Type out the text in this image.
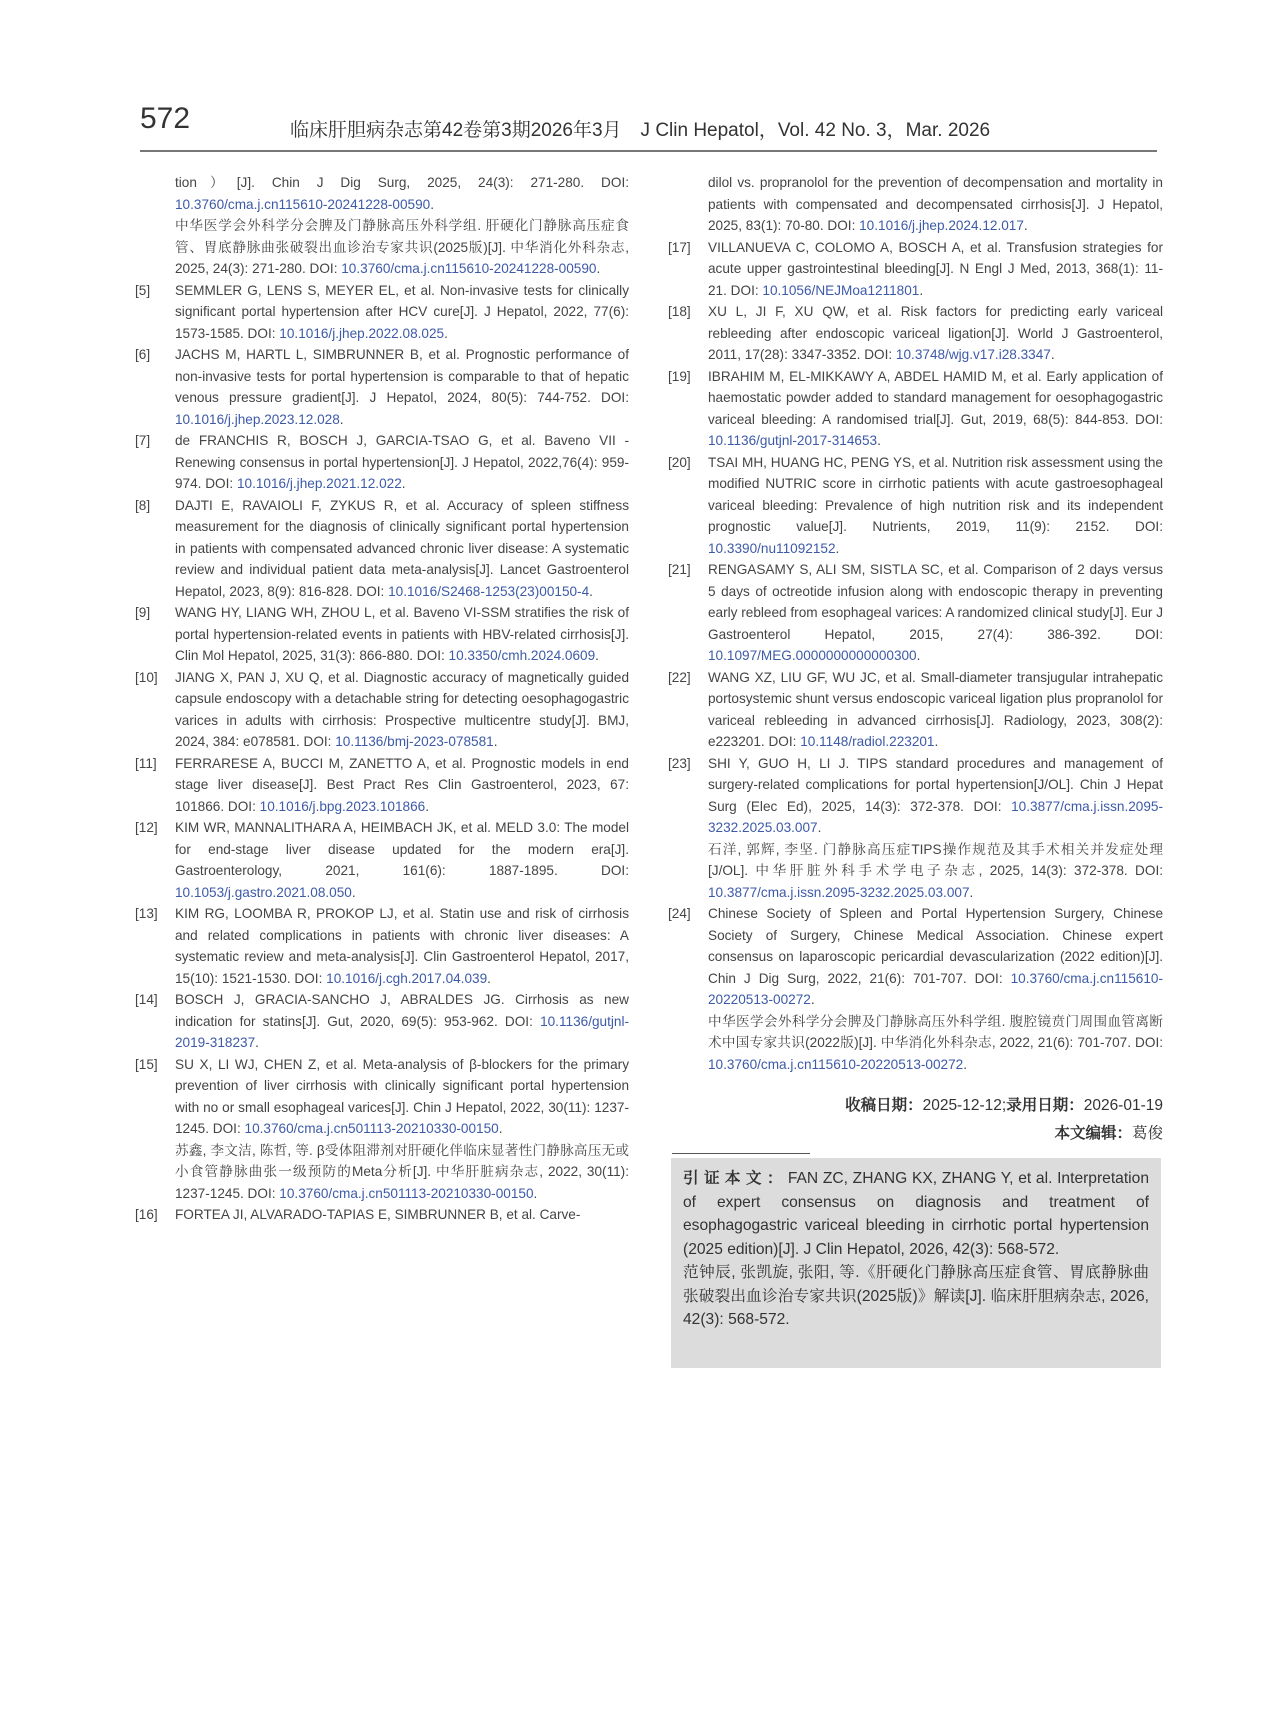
572	临床肝胆病杂志第42卷第3期2026年3月　J Clin Hepatol，Vol. 42 No. 3，Mar. 2026
tion）[J]. Chin J Dig Surg, 2025, 24(3): 271-280. DOI: 10.3760/cma.j.cn115610-20241228-00590.
中华医学会外科学分会脾及门静脉高压外科学组. 肝硬化门静脉高压症食管、胃底静脉曲张破裂出血诊治专家共识(2025版)[J]. 中华消化外科杂志, 2025, 24(3): 271-280. DOI: 10.3760/cma.j.cn115610-20241228-00590.
[5]	SEMMLER G, LENS S, MEYER EL, et al. Non-invasive tests for clinically significant portal hypertension after HCV cure[J]. J Hepatol, 2022, 77(6): 1573-1585. DOI: 10.1016/j.jhep.2022.08.025.
[6]	JACHS M, HARTL L, SIMBRUNNER B, et al. Prognostic performance of non-invasive tests for portal hypertension is comparable to that of hepatic venous pressure gradient[J]. J Hepatol, 2024, 80(5): 744-752. DOI: 10.1016/j.jhep.2023.12.028.
[7]	de FRANCHIS R, BOSCH J, GARCIA-TSAO G, et al. Baveno VII - Renewing consensus in portal hypertension[J]. J Hepatol, 2022,76(4): 959-974. DOI: 10.1016/j.jhep.2021.12.022.
[8]	DAJTI E, RAVAIOLI F, ZYKUS R, et al. Accuracy of spleen stiffness measurement for the diagnosis of clinically significant portal hypertension in patients with compensated advanced chronic liver disease: A systematic review and individual patient data meta-analysis[J]. Lancet Gastroenterol Hepatol, 2023, 8(9): 816-828. DOI: 10.1016/S2468-1253(23)00150-4.
[9]	WANG HY, LIANG WH, ZHOU L, et al. Baveno VI-SSM stratifies the risk of portal hypertension-related events in patients with HBV-related cirrhosis[J]. Clin Mol Hepatol, 2025, 31(3): 866-880. DOI: 10.3350/cmh.2024.0609.
[10]	JIANG X, PAN J, XU Q, et al. Diagnostic accuracy of magnetically guided capsule endoscopy with a detachable string for detecting oesophagogastric varices in adults with cirrhosis: Prospective multicentre study[J]. BMJ, 2024, 384: e078581. DOI: 10.1136/bmj-2023-078581.
[11]	FERRARESE A, BUCCI M, ZANETTO A, et al. Prognostic models in end stage liver disease[J]. Best Pract Res Clin Gastroenterol, 2023, 67: 101866. DOI: 10.1016/j.bpg.2023.101866.
[12]	KIM WR, MANNALITHARA A, HEIMBACH JK, et al. MELD 3.0: The model for end-stage liver disease updated for the modern era[J]. Gastroenterology, 2021, 161(6): 1887-1895. DOI: 10.1053/j.gastro.2021.08.050.
[13]	KIM RG, LOOMBA R, PROKOP LJ, et al. Statin use and risk of cirrhosis and related complications in patients with chronic liver diseases: A systematic review and meta-analysis[J]. Clin Gastroenterol Hepatol, 2017, 15(10): 1521-1530. DOI: 10.1016/j.cgh.2017.04.039.
[14]	BOSCH J, GRACIA-SANCHO J, ABRALDES JG. Cirrhosis as new indication for statins[J]. Gut, 2020, 69(5): 953-962. DOI: 10.1136/gutjnl-2019-318237.
[15]	SU X, LI WJ, CHEN Z, et al. Meta-analysis of β-blockers for the primary prevention of liver cirrhosis with clinically significant portal hypertension with no or small esophageal varices[J]. Chin J Hepatol, 2022, 30(11): 1237-1245. DOI: 10.3760/cma.j.cn501113-20210330-00150.
苏鑫, 李文洁, 陈哲, 等. β受体阻滞剂对肝硬化伴临床显著性门静脉高压无或小食管静脉曲张一级预防的Meta分析[J]. 中华肝脏病杂志, 2022, 30(11): 1237-1245. DOI: 10.3760/cma.j.cn501113-20210330-00150.
[16]	FORTEA JI, ALVARADO-TAPIAS E, SIMBRUNNER B, et al. Carve-
dilol vs. propranolol for the prevention of decompensation and mortality in patients with compensated and decompensated cirrhosis[J]. J Hepatol, 2025, 83(1): 70-80. DOI: 10.1016/j.jhep.2024.12.017.
[17]	VILLANUEVA C, COLOMO A, BOSCH A, et al. Transfusion strategies for acute upper gastrointestinal bleeding[J]. N Engl J Med, 2013, 368(1): 11-21. DOI: 10.1056/NEJMoa1211801.
[18]	XU L, JI F, XU QW, et al. Risk factors for predicting early variceal rebleeding after endoscopic variceal ligation[J]. World J Gastroenterol, 2011, 17(28): 3347-3352. DOI: 10.3748/wjg.v17.i28.3347.
[19]	IBRAHIM M, EL-MIKKAWY A, ABDEL HAMID M, et al. Early application of haemostatic powder added to standard management for oesophagogastric variceal bleeding: A randomised trial[J]. Gut, 2019, 68(5): 844-853. DOI: 10.1136/gutjnl-2017-314653.
[20]	TSAI MH, HUANG HC, PENG YS, et al. Nutrition risk assessment using the modified NUTRIC score in cirrhotic patients with acute gastroesophageal variceal bleeding: Prevalence of high nutrition risk and its independent prognostic value[J]. Nutrients, 2019, 11(9): 2152. DOI: 10.3390/nu11092152.
[21]	RENGASAMY S, ALI SM, SISTLA SC, et al. Comparison of 2 days versus 5 days of octreotide infusion along with endoscopic therapy in preventing early rebleed from esophageal varices: A randomized clinical study[J]. Eur J Gastroenterol Hepatol, 2015, 27(4): 386-392. DOI: 10.1097/MEG.0000000000000300.
[22]	WANG XZ, LIU GF, WU JC, et al. Small-diameter transjugular intrahepatic portosystemic shunt versus endoscopic variceal ligation plus propranolol for variceal rebleeding in advanced cirrhosis[J]. Radiology, 2023, 308(2): e223201. DOI: 10.1148/radiol.223201.
[23]	SHI Y, GUO H, LI J. TIPS standard procedures and management of surgery-related complications for portal hypertension[J/OL]. Chin J Hepat Surg (Elec Ed), 2025, 14(3): 372-378. DOI: 10.3877/cma.j.issn.2095-3232.2025.03.007.
石洋, 郭辉, 李坚. 门静脉高压症TIPS操作规范及其手术相关并发症处理[J/OL]. 中华肝脏外科手术学电子杂志, 2025, 14(3): 372-378. DOI: 10.3877/cma.j.issn.2095-3232.2025.03.007.
[24]	Chinese Society of Spleen and Portal Hypertension Surgery, Chinese Society of Surgery, Chinese Medical Association. Chinese expert consensus on laparoscopic pericardial devascularization (2022 edition)[J]. Chin J Dig Surg, 2022, 21(6): 701-707. DOI: 10.3760/cma.j.cn115610-20220513-00272.
中华医学会外科学分会脾及门静脉高压外科学组. 腹腔镜贲门周围血管离断术中国专家共识(2022版)[J]. 中华消化外科杂志, 2022, 21(6): 701-707. DOI: 10.3760/cma.j.cn115610-20220513-00272.
收稿日期：2025-12-12;录用日期：2026-01-19
本文编辑：葛俊
引证本文：FAN ZC, ZHANG KX, ZHANG Y, et al. Interpretation of expert consensus on diagnosis and treatment of esophagogastric variceal bleeding in cirrhotic portal hypertension (2025 edition)[J]. J Clin Hepatol, 2026, 42(3): 568-572.
范钟辰, 张凯旋, 张阳, 等.《肝硬化门静脉高压症食管、胃底静脉曲张破裂出血诊治专家共识(2025版)》解读[J]. 临床肝胆病杂志, 2026, 42(3): 568-572.
